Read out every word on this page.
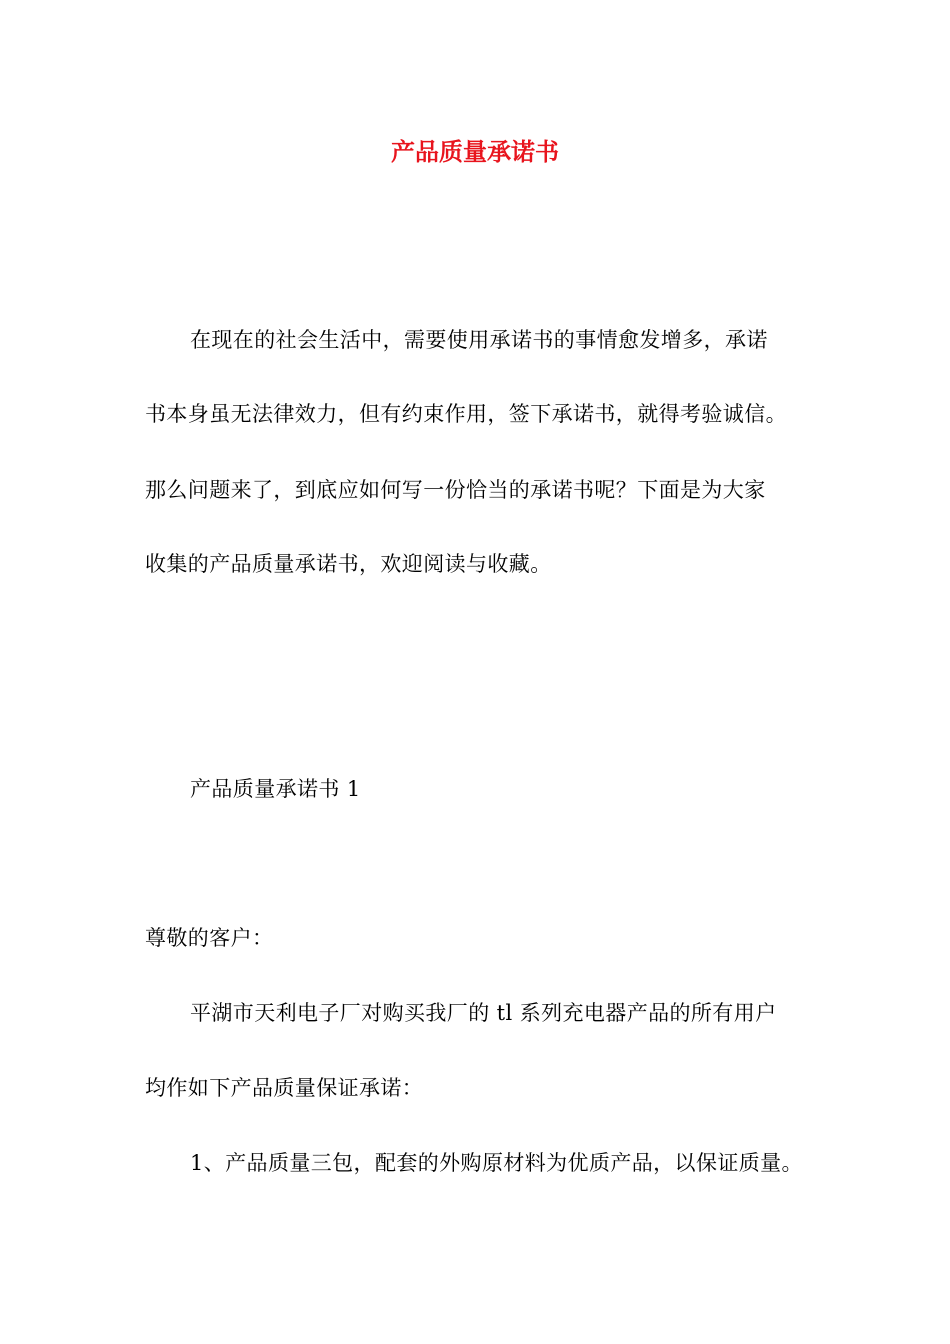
产品质量承诺书
在现在的社会生活中，需要使用承诺书的事情愈发增多，承诺
书本身虽无法律效力，但有约束作用，签下承诺书，就得考验诚信。
那么问题来了，到底应如何写一份恰当的承诺书呢？下面是为大家
收集的产品质量承诺书，欢迎阅读与收藏。
产品质量承诺书 1
尊敬的客户：
平湖市天利电子厂对购买我厂的 tl 系列充电器产品的所有用户
均作如下产品质量保证承诺：
1、产品质量三包，配套的外购原材料为优质产品，以保证质量。
